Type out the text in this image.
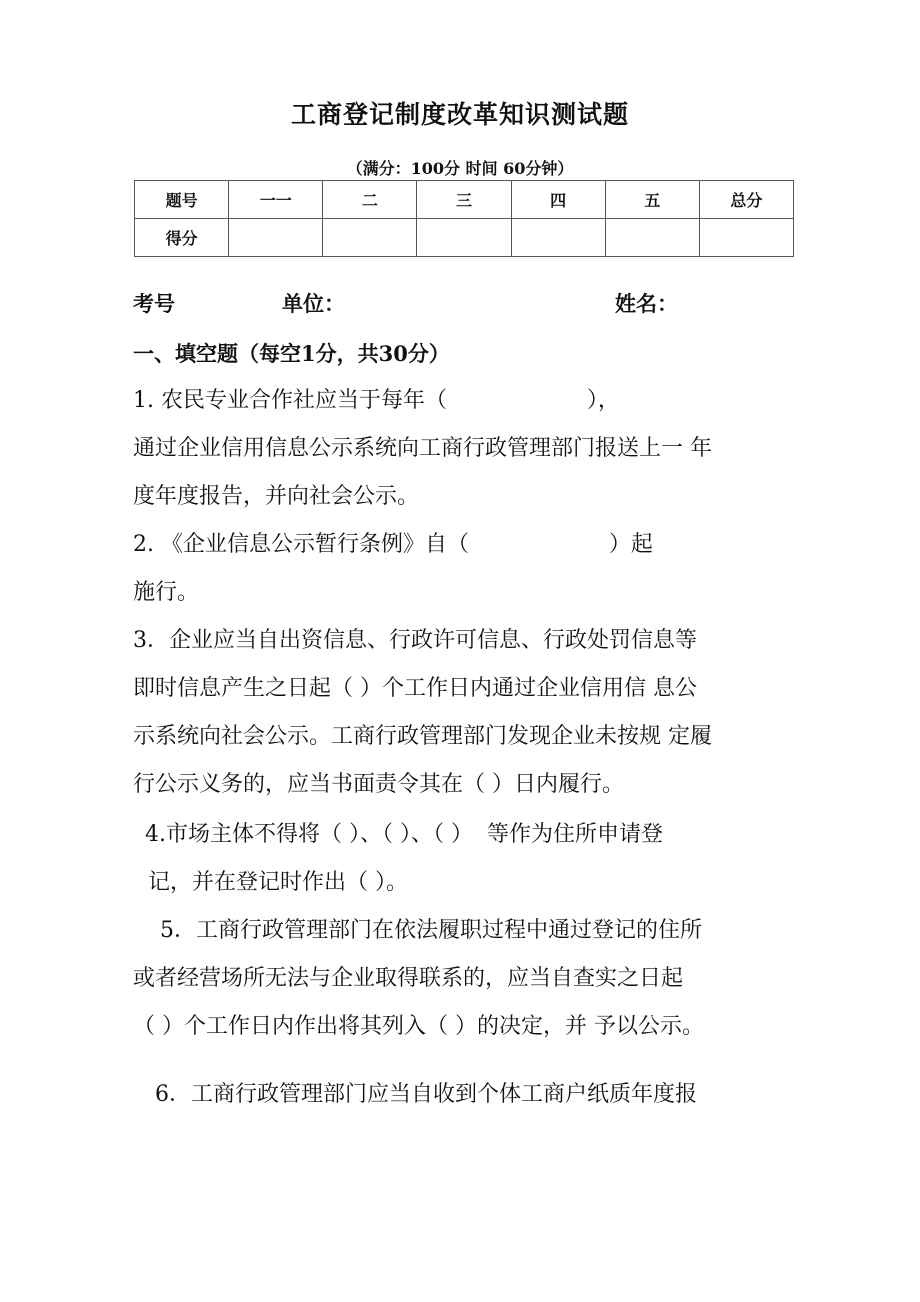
工商登记制度改革知识测试题
（满分：100分 时间 60分钟）
题号	一一	二	三	四	五	总分
得分						
考号	单位：	姓名：
一、填空题（每空1分，共30分）
1. 农民专业合作社应当于每年（                    ），
通过企业信用信息公示系统向工商行政管理部门报送上一 年
度年度报告，并向社会公示。
2. 《企业信息公示暂行条例》自（                    ）起
施行。
3．企业应当自出资信息、行政许可信息、行政处罚信息等
即时信息产生之日起（ ）个工作日内通过企业信用信 息公
示系统向社会公示。工商行政管理部门发现企业未按规 定履
行公示义务的，应当书面责令其在（ ）日内履行。
4.市场主体不得将（ ）、（ ）、（ ）  等作为住所申请登
记，并在登记时作出（ ）。
5．工商行政管理部门在依法履职过程中通过登记的住所
或者经营场所无法与企业取得联系的，应当自查实之日起
（ ）个工作日内作出将其列入（ ）的决定，并 予以公示。
6．工商行政管理部门应当自收到个体工商户纸质年度报
